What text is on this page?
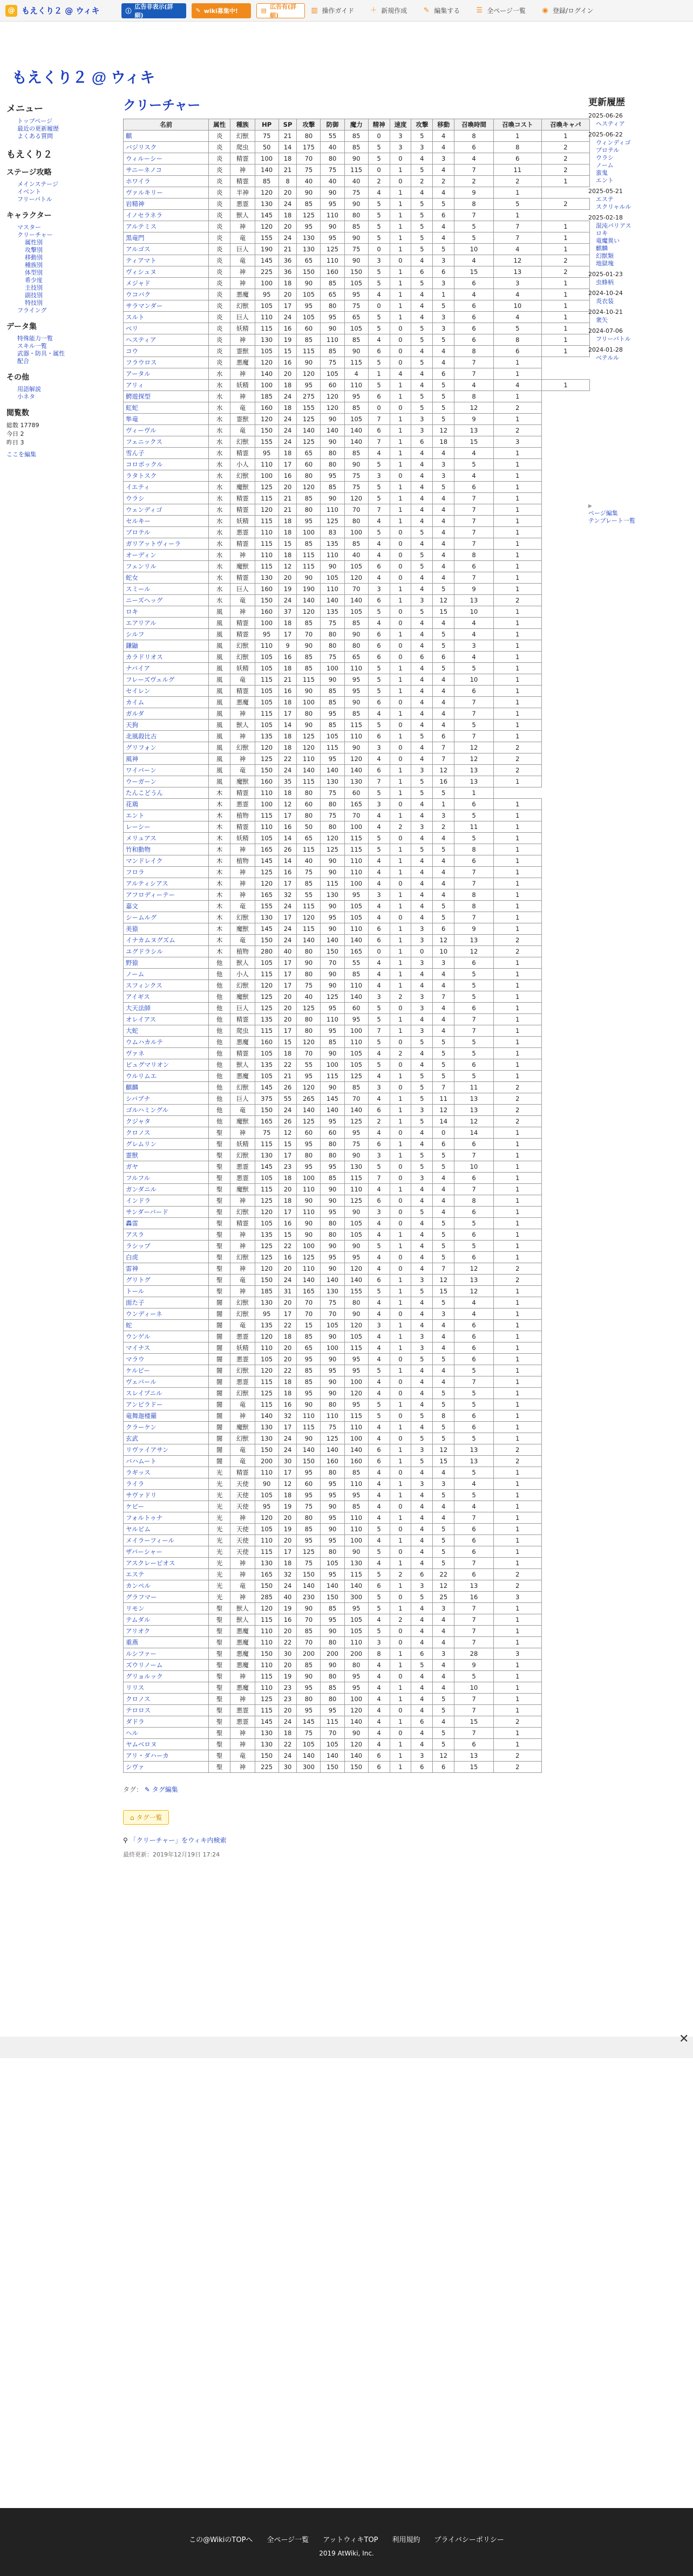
@ もえくり２ @ ウィキ	ⓘ
広告非表示(詳細)
✎ wiki募集中!	▤
広告有(詳細)
▥ 操作ガイド ＋ 新規作成 ✎ 編集する ☰ 全ページ一覧 ◉ 登録/ログイン
もえくり２ @ ウィキ
メニュー
トップページ
最近の更新履歴
よくある質問
もえくり２
ステージ攻略
メインステージ
イベント
フリーバトル
キャラクター
マスター
クリーチャー
属性別
攻撃別
移動別
種族別
体型別
希少度
主技別
副技別
特技別
フライング
データ集
特殊能力一覧
スキル一覧
武器・防具・属性
配合
その他
用語解説
小ネタ
閲覧数
総数 17789
今日 2
昨日 3
ここを編集
クリーチャー
名前	属性	種族	HP	SP	攻撃	防御	魔力	精神	速度	攻撃	移動	召喚時間	召喚コスト	召喚キャパ
麒	炎	幻獣	75	21	80	55	85	0	3	5	4	8	1	1
バジリスク	炎	爬虫	50	14	175	40	85	5	3	3	4	6	8	2
ウィルーシー	炎	精霊	100	18	70	80	90	5	0	4	3	4	6	2
サニーネノコ	炎	神	140	21	75	75	115	0	1	5	4	7	11	2
ホワイラ	炎	精霊	85	8	40	40	40	2	0	2	2	2	2	1
ヴァルキリー	炎	半神	120	20	90	90	75	4	1	4	4	9	1	
岩精神	炎	悪霊	130	24	85	95	90	5	1	5	5	8	5	2
イノセラネラ	炎	獣人	145	18	125	110	80	5	1	5	6	7	1	
アルテミス	炎	神	120	20	95	90	85	5	1	5	4	5	7	1
黒竜門	炎	竜	155	24	130	95	90	5	1	5	4	5	7	1
アルゴス	炎	巨人	190	21	130	125	75	0	1	5	5	10	4	1
ティアマト	炎	竜	145	36	65	110	90	3	0	4	3	4	12	2
ヴィシュヌ	炎	神	225	36	150	160	150	5	1	6	6	15	13	2
メジャド	炎	神	100	18	90	85	105	5	1	5	3	6	3	1
ウコバク	炎	悪魔	95	20	105	65	95	4	1	4	1	4	4	1
サラマンダー	炎	幻獣	105	17	95	80	75	0	1	4	5	6	10	1
スルト	炎	巨人	110	24	105	95	65	5	1	4	3	6	4	1
ベリ	炎	妖精	115	16	60	90	105	5	0	5	3	6	5	1
ヘスティア	炎	神	130	19	85	110	85	4	0	5	5	6	8	1
コウ	炎	霊獣	105	15	115	85	90	6	0	4	4	8	6	1
フラウロス	炎	悪魔	120	16	90	75	115	5	0	5	4	7	1	
アータル	水	神	140	20	120	105	4	1	4	4	6	7	1	
アリィ	水	妖精	100	18	95	60	110	5	1	4	5	4	4	1
鰐遊探型	水	神	185	24	275	120	95	6	1	5	5	8	1	
虹蛇	水	竜	160	18	155	120	85	0	0	5	5	12	2	
隼竜	水	霊獣	120	24	125	90	105	7	1	3	5	9	1	
ヴィーヴル	水	竜	150	24	140	140	140	6	1	3	12	13	2	
フェニックス	水	幻獣	155	24	125	90	140	7	1	6	18	15	3	
雪ん子	水	精霊	95	18	65	80	85	4	1	4	4	4	1	
コロポックル	水	小人	110	17	60	80	90	5	1	4	3	5	1	
ラタトスク	水	幻獣	100	16	80	95	75	3	0	4	3	4	1	
イエティ	水	魔獣	125	20	120	85	75	5	1	4	5	6	1	
ウラシ	水	精霊	115	21	85	90	120	5	1	4	4	7	1	
ウェンディゴ	水	精霊	120	21	80	110	70	7	1	4	4	7	1	
セルキー	水	妖精	115	18	95	125	80	4	1	4	4	7	1	
プロテル	水	悪霊	110	18	100	83	100	5	0	5	4	7	1	
ガリアットヴィーラ	水	精霊	115	15	85	135	85	4	0	4	4	7	1	
オーディン	水	神	110	18	115	110	40	4	0	5	4	8	1	
フェンリル	水	魔獣	115	12	115	90	105	6	0	5	4	6	1	
蛇女	水	精霊	130	20	90	105	120	4	0	4	4	7	1	
スミール	水	巨人	160	19	190	110	70	3	1	4	5	9	1	
ニーズヘッグ	水	竜	150	24	140	140	140	6	1	3	12	13	2	
ロキ	風	神	160	37	120	135	105	5	0	5	15	10	1	
エアリアル	風	精霊	100	18	85	75	85	4	0	4	4	4	1	
シルフ	風	精霊	95	17	70	80	90	6	1	4	5	4	1	
鎌鼬	風	幻獣	110	9	90	80	80	6	0	4	5	3	1	
カラドリオス	風	幻獣	105	16	85	75	65	6	0	6	6	4	1	
ナバイア	風	妖精	105	18	85	100	110	5	1	4	5	5	1	
フレーズヴェルグ	風	竜	115	21	115	90	95	5	1	4	4	10	1	
セイレン	風	精霊	105	16	90	85	95	5	1	4	4	6	1	
カイム	風	悪魔	105	18	100	85	90	6	0	4	4	7	1	
ガルダ	風	神	115	17	80	95	85	4	1	4	4	7	1	
天狗	風	獣人	105	14	90	85	115	5	0	4	4	5	1	
北風殺比古	風	神	135	18	125	105	110	6	1	5	6	7	1	
グリフォン	風	幻獣	120	18	120	115	90	3	0	4	7	12	2	
風神	風	神	125	22	110	95	120	4	0	4	7	12	2	
ワイバーン	風	竜	150	24	140	140	140	6	1	3	12	13	2	
ウーガーン	風	魔獣	160	35	115	130	130	7	1	5	16	13	1	
たんこどうん	木	精霊	110	18	80	75	60	5	1	5	5	1		
花鶏	木	悪霊	100	12	60	80	165	3	0	4	1	6	1	
エント	木	植物	115	17	80	75	70	4	1	4	3	5	1	
レーシー	木	精霊	110	16	50	80	100	4	2	3	2	11	1	
メリュアス	木	妖精	105	14	65	120	115	5	0	4	4	5	1	
竹和動物	木	神	165	26	115	125	115	5	1	5	5	8	1	
マンドレイク	木	植物	145	14	40	90	110	4	1	4	4	6	1	
フロラ	木	神	125	16	75	90	110	4	1	4	4	7	1	
アルティシアス	木	神	120	17	85	115	100	4	0	4	4	7	1	
アフロディーテー	木	神	165	32	55	130	95	3	1	4	4	8	1	
嘉文	木	竜	155	24	115	90	105	4	1	4	5	8	1	
シームルグ	木	幻獣	130	17	120	95	105	4	0	4	5	7	1	
美猿	木	魔獣	145	24	115	90	110	6	1	3	6	9	1	
イナカムヌグズム	木	竜	150	24	140	140	140	6	1	3	12	13	2	
ユグドラシル	木	植物	280	40	80	150	165	0	1	0	10	12	2	
野猿	他	獣人	105	17	90	70	55	4	1	3	3	6	1	
ノーム	他	小人	115	17	80	90	85	4	1	4	4	5	1	
スフィンクス	他	幻獣	120	17	75	90	110	4	1	4	4	5	1	
アイギス	他	魔獣	125	20	40	125	140	3	2	3	7	5	1	
大天法師	他	巨人	125	20	125	95	60	5	0	3	4	6	1	
オレイアス	他	精霊	135	20	80	110	95	5	1	4	4	7	1	
大蛇	他	爬虫	115	17	80	95	100	7	1	3	4	7	1	
ウムハカルテ	他	悪魔	160	15	120	85	110	5	0	5	5	5	1	
ヴァネ	他	精霊	105	18	70	90	105	4	2	4	5	5	1	
ビュグマリオン	他	獣人	135	22	55	100	105	5	0	4	5	6	1	
ウルリムエ	他	悪魔	105	21	95	115	125	4	1	5	5	5	1	
麒麟	他	幻獣	145	26	120	90	85	3	0	5	7	11	2	
シバブナ	他	巨人	375	55	265	145	70	4	1	5	11	13	2	
ゴルハミングル	他	竜	150	24	140	140	140	6	1	3	12	13	2	
クジャタ	他	魔獣	165	26	125	95	125	2	1	5	14	12	2	
クロノス	聖	神	75	12	60	60	95	4	0	4	0	14	1	
グレムリン	聖	妖精	115	15	95	80	75	6	1	4	6	6	1	
霊獣	聖	幻獣	130	17	80	80	90	3	1	5	5	7	1	
ガヤ	聖	悪霊	145	23	95	95	130	5	0	5	5	10	1	
フルフル	聖	悪霊	105	18	100	85	115	7	0	3	4	6	1	
ガンダニル	聖	魔獣	115	20	110	90	110	4	1	4	4	7	1	
インドラ	聖	神	125	18	90	90	125	6	0	4	4	8	1	
サンダーバード	聖	幻獣	120	17	110	95	90	3	0	5	4	6	1	
轟雷	聖	精霊	105	16	90	80	105	4	0	4	5	5	1	
アスラ	聖	神	135	15	90	80	105	4	1	4	5	6	1	
ラシップ	聖	神	125	22	100	90	90	5	1	4	5	5	1	
白虎	聖	幻獣	125	16	125	95	95	4	0	4	5	6	1	
雷神	聖	神	120	20	110	90	120	4	0	4	7	12	2	
グリトグ	聖	竜	150	24	140	140	140	6	1	3	12	13	2	
トール	聖	神	185	31	165	130	155	5	1	5	15	12	1	
面た子	闇	幻獣	130	20	70	75	80	4	1	4	5	4	1	
ウンディーネ	闇	幻獣	95	17	70	70	90	4	0	4	3	4	1	
蛇	闇	竜	135	22	15	105	120	3	1	4	4	6	1	
ウンゲル	闇	悪霊	120	18	85	90	105	4	1	3	4	6	1	
マイナス	闇	妖精	110	20	65	100	115	4	1	3	4	6	1	
マラウ	闇	悪霊	105	20	95	90	95	4	0	5	5	6	1	
ケルピー	闇	幻獣	120	22	85	95	95	5	1	4	4	5	1	
ヴェバール	闇	悪霊	115	18	85	90	100	4	0	4	4	7	1	
スレイプニル	闇	幻獣	125	18	95	90	120	4	0	4	5	5	1	
アンピラドー	闇	竜	115	16	90	80	95	5	1	4	5	5	1	
竜舞迦楼羅	闇	神	140	32	110	110	115	5	0	5	8	6	1	
クラーケン	闇	魔獣	130	17	115	75	110	4	1	4	5	6	1	
玄武	闇	幻獣	130	24	90	125	100	4	0	5	5	5	1	
リヴァイアサン	闇	竜	150	24	140	140	140	6	1	3	12	13	2	
バハムート	闇	竜	200	30	150	160	160	6	1	5	15	13	2	
ラギッス	光	精霊	110	17	95	80	85	4	0	4	4	5	1	
ライラ	光	天使	90	12	60	95	110	4	1	3	3	4	1	
サヴァドリ	光	天使	105	18	95	95	95	4	1	4	5	5	1	
ケビー	光	天使	95	19	75	90	85	4	0	4	4	4	1	
フォルトゥナ	光	神	120	20	80	95	110	4	1	4	4	7	1	
ヤルビム	光	天使	105	19	85	90	110	5	0	4	5	6	1	
メイラーフィール	光	天使	110	20	95	95	100	4	1	4	5	6	1	
ザバーシャー	光	天使	115	17	125	80	90	5	0	4	5	6	1	
アスクレーピオス	光	神	130	18	75	105	130	4	1	4	5	7	1	
エステ	光	神	165	32	150	95	115	5	2	6	22	6	2	
カンペル	光	竜	150	24	140	140	140	6	1	3	12	13	2	
グラフマー	光	神	285	40	230	150	300	5	0	5	25	16	3	
リモン	聖	獣人	120	19	90	85	95	5	1	4	3	7	1	
テムダル	聖	獣人	115	16	70	95	105	4	2	4	4	7	1	
アリオク	聖	悪魔	110	20	85	90	105	5	0	4	4	7	1	
重燕	聖	悪魔	110	22	70	80	110	3	0	4	4	7	1	
ルシファー	聖	悪魔	150	30	200	200	200	8	1	6	3	28	3	
ズウリノーム	聖	悪魔	110	20	85	90	80	4	1	5	4	9	1	
グリョルック	聖	神	115	19	90	80	95	4	0	4	4	5	1	
リリス	聖	悪魔	110	23	95	85	95	4	1	4	4	10	1	
クロノス	聖	神	125	23	80	80	100	4	1	4	5	7	1	
テロロス	聖	悪霊	115	20	95	95	120	4	0	4	5	7	1	
ダドラ	聖	悪霊	145	24	145	115	140	4	1	6	4	15	2	
ヘル	聖	神	130	18	75	70	90	4	0	4	5	7	1	
ヤムベロヌ	聖	神	130	22	105	105	120	4	1	4	5	6	1	
アリ・ダハーカ	聖	竜	150	24	140	140	140	6	1	3	12	13	2	
シヴァ	聖	神	225	30	300	150	150	6	1	6	6	15	2	
タグ： ✎ タグ編集
⌂ タグ一覧
⚲ 「クリーチャー」をウィキ内検索
最終更新：2019年12月19日 17:24
更新履歴
2025-06-26
ヘスティア
2025-06-22
ウィンディゴ
プロテル
ウラシ
ノーム
蛮鬼
エント
2025-05-21
エステ
スクリャルル
2025-02-18
混沌パリアス
ロキ
竜魔異い
麒麟
幻獣類
地獄塊
2025-01-23
虫蜂柄
2024-10-24
炎衣装
2024-10-21
衆矢
2024-07-06
フリーバトル
2024-01-28
ベテルル
▸
ページ編集
テンプレート一覧
✕
この@WikiのTOPへ 全ページ一覧 アットウィキTOP 利用規約 プライバシーポリシー
2019 AtWiki, Inc.
